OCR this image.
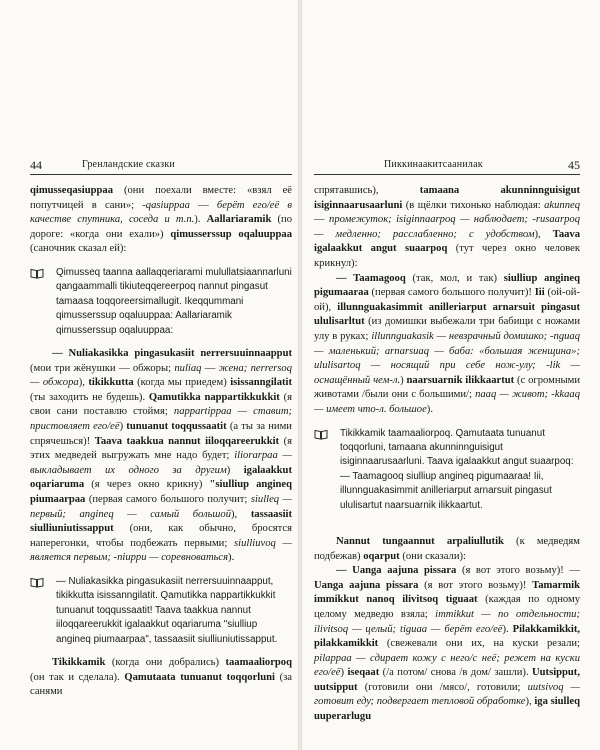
44	Гренландские сказки

qimusseqasiuppaa (они поехали вместе: «взял её попутчицей в сани»; -qasiuppaa — берёт его/её в качестве спутника, соседа и т.п.). Aallariaramik (по дороге: «когда они ехали») qimusserssup oqaluuppaa (саночник сказал ей):

Qimusseq taanna aallaqqeriarami mulullatsiaannarluni qangaammalli tikiuteqqereerpoq nannut pingasut tamaasa toqqoreersimallugit. Ikeqqummani qimusserssup oqaluuppaa: Aallariaramik qimusserssup oqaluuppaa:

— Nuliakasikka pingasukasiit nerrersuuinnaapput (мои три жёнушки — обжоры; nuliaq — жена; nerrersoq — обжора), tikikkutta (когда мы приедем) isissanngilatit (ты заходить не будешь). Qamutikka nappartikkukkit (я свои сани поставлю стоймя; nappartippaa — ставит; пристовляет его/её) tunuanut toqqussaatit (а ты за ними спрячешься)! Taava taakkua nannut iiloqqareerukkit (я этих медведей выгружать мне надо будет; iliorarpaa — выкладывает их одного за другим) igalaakkut oqariaruma (я через окно крикну) "siulliup angineq piumaarpaa (первая самого большого получит; siulleq — первый; angineq — самый большой), tassaasiit siulliuniutissapput (они, как обычно, бросятся наперегонки, чтобы подбежать первыми; siulliuvoq — является первым; -niuppu — соревноваться).

— Nuliakasikka pingasukasiit nerrersuuinnaapput, tikikkutta isissanngilatit. Qamutikka nappartikkukkit tunuanut toqqussaatit! Taava taakkua nannut iiloqqareerukkit igalaakkut oqariaruma "siulliup angineq piumaarpaa", tassaasiit siulliuniutissapput.

Tikikkamik (когда они добрались) taamaaliorpoq (он так и сделала). Qamutaata tunuanut toqqorluni (за санями

Пиккинаакитсаанилак	45

спрятавшись), tamaana akunninnguisigut isiginnaarusaarluni (в щёлки тихонько наблюдая: akunneq — промежуток; isiginnaarpoq — наблюдает; -rusaarpoq — медленно; расслабленно; с удобством), Taava igalaakkut angut suaarpoq (тут через окно человек крикнул):

— Taamagooq (так, мол, и так) siulliup angineq pigumaaraa (первая самого большого получит)! Iii (ой-ой-ой), illunnguakasimmit anilleriarput arnarsuit pingasut ululisarltut (из домишки выбежали три бабищи с ножами улу в руках; illunnguakasik — невзрачный домишко; -nguaq — маленький; arnarsuaq — баба: «большая женщина»; ululisartoq — носящий при себе нож-улу; -lik — оснащённый чем-л.) naarsuarnik ilikkaartut (с огромными животами /были они с большими/; naaq — живот; -kkaaq — имеет что-л. большое).

Tikikkamik taamaaliorpoq. Qamutaata tunuanut toqqorluni, tamaana akunninnguisigut isiginnaarusaarluni. Taava igalaakkut angut suaarpoq: — Taamagooq siulliup angineq pigumaaraa! Iii, illunnguakasimmit anilleriarput arnarsuit pingasut ululisartut naarsuarnik ilikkaartut.

Nannut tungaannut arpaliullutik (к медведям подбежав) oqarput (они сказали):

— Uanga aajuna pissara (я вот этого возьму)! — Uanga aajuna pissara (я вот этого возьму)! Tamarmik immikkut nanoq ilivitsoq tiguaat (каждая по одному целому медведю взяла; immikkut — по отдельности; ilivitsoq — целый; tiguaa — берёт его/её). Pilakkamikkit, pilakkamikkit (свежевали они их, на куски резали; pilappaa — сдирает кожу с него/с неё; режет на куски его/её) iseqaat (/а потом/ снова /в дом/ зашли). Uutsipput, uutsipput (готовили они /мясо/, готовили; uutsivoq — готовит еду; подвергает тепловой обработке), iga siulleq uuperarlugu
